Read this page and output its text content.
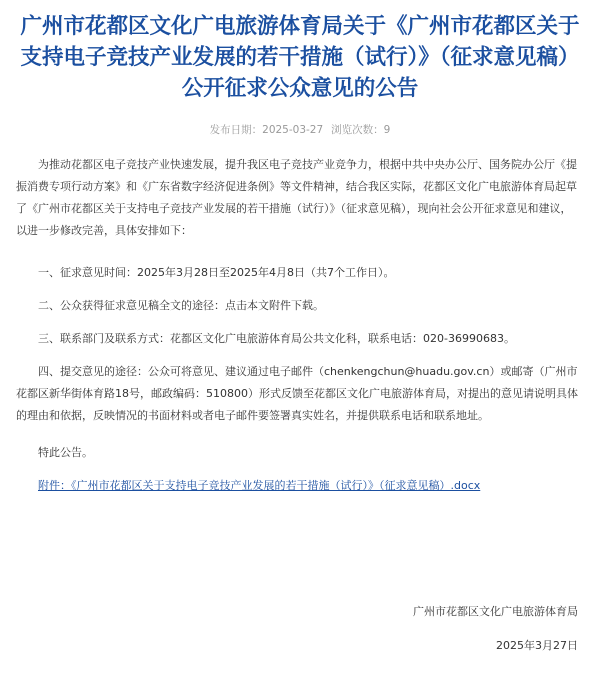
广州市花都区文化广电旅游体育局关于《广州市花都区关于支持电子竞技产业发展的若干措施（试行）》（征求意见稿）公开征求公众意见的公告
发布日期：2025-03-27 浏览次数：9

为推动花都区电子竞技产业快速发展，提升我区电子竞技产业竞争力，根据中共中央办公厅、国务院办公厅《提振消费专项行动方案》和《广东省数字经济促进条例》等文件精神，结合我区实际，花都区文化广电旅游体育局起草了《广州市花都区关于支持电子竞技产业发展的若干措施（试行）》（征求意见稿），现向社会公开征求意见和建议，以进一步修改完善，具体安排如下：

一、征求意见时间：2025年3月28日至2025年4月8日（共7个工作日）。

二、公众获得征求意见稿全文的途径：点击本文附件下载。

三、联系部门及联系方式：花都区文化广电旅游体育局公共文化科，联系电话：020-36990683。

四、提交意见的途径：公众可将意见、建议通过电子邮件（chenkengchun@huadu.gov.cn）或邮寄（广州市花都区新华街体育路18号，邮政编码：510800）形式反馈至花都区文化广电旅游体育局，对提出的意见请说明具体的理由和依据，反映情况的书面材料或者电子邮件要签署真实姓名，并提供联系电话和联系地址。

特此公告。

附件：《广州市花都区关于支持电子竞技产业发展的若干措施（试行）》（征求意见稿）.docx
广州市花都区文化广电旅游体育局
2025年3月27日
